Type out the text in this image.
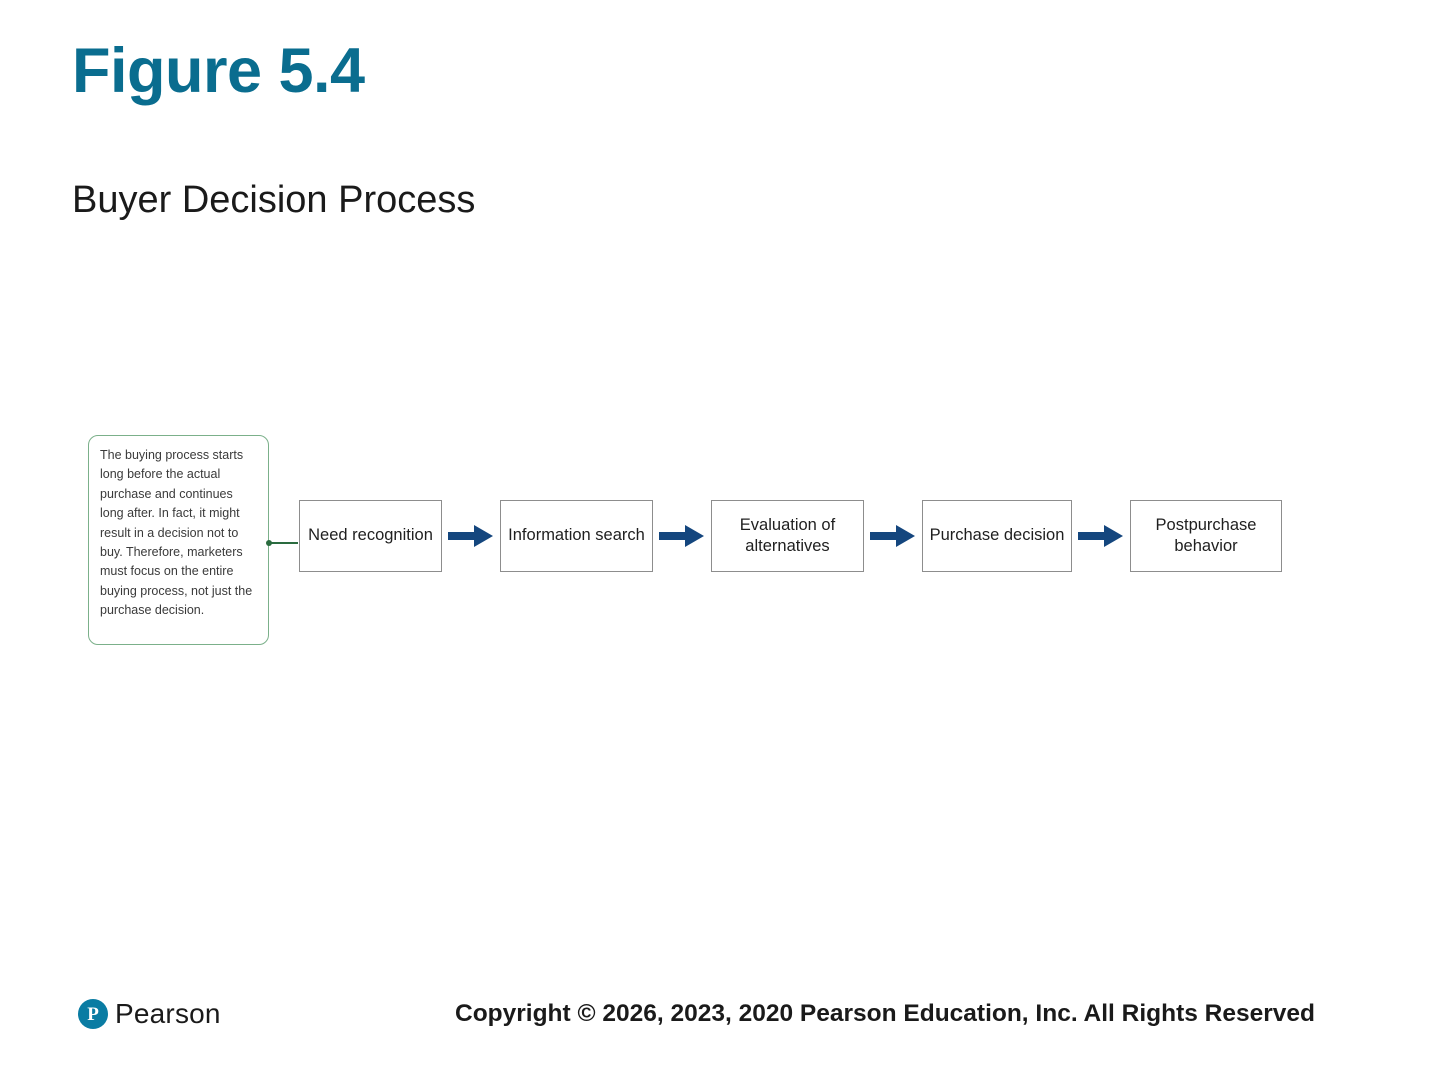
Figure 5.4
Buyer Decision Process
The buying process starts long before the actual purchase and continues long after. In fact, it might result in a decision not to buy. Therefore, marketers must focus on the entire buying process, not just the purchase decision.
Need recognition	Information search
Evaluation of alternatives
Purchase decision
Postpurchase behavior
Copyright © 2026, 2023, 2020 Pearson Education, Inc. All Rights Reserved
P Pearson
